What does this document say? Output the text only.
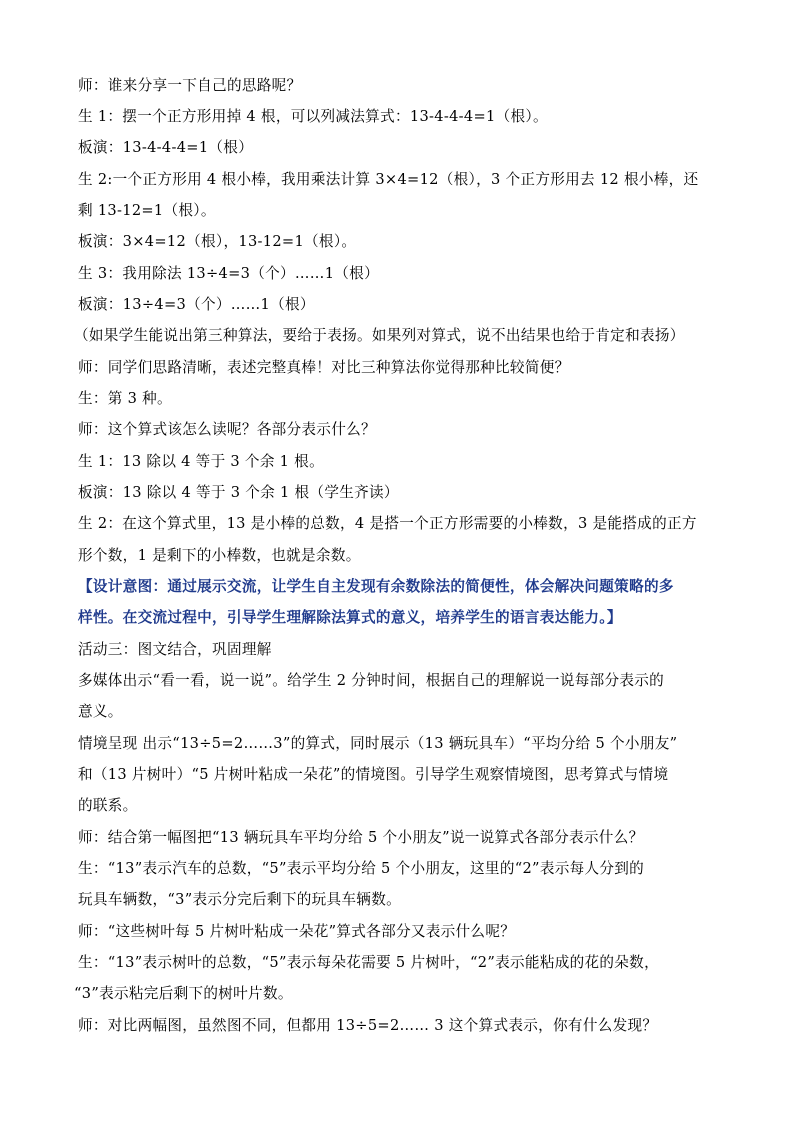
师：谁来分享一下自己的思路呢？
生 1：摆一个正方形用掉 4 根，可以列减法算式：13-4-4-4=1（根）。
板演：13-4-4-4=1（根）
生 2:一个正方形用 4 根小棒，我用乘法计算 3×4=12（根），3 个正方形用去 12 根小棒，还
剩 13-12=1（根）。
板演：3×4=12（根），13-12=1（根）。
生 3：我用除法 13÷4=3（个）……1（根）
板演：13÷4=3（个）……1（根）
（如果学生能说出第三种算法，要给于表扬。如果列对算式，说不出结果也给于肯定和表扬）
师：同学们思路清晰，表述完整真棒！对比三种算法你觉得那种比较简便？
生：第 3 种。
师：这个算式该怎么读呢？各部分表示什么？
生 1：13 除以 4 等于 3 个余 1 根。
板演：13 除以 4 等于 3 个余 1 根（学生齐读）
生 2：在这个算式里，13 是小棒的总数，4 是搭一个正方形需要的小棒数，3 是能搭成的正方
形个数，1 是剩下的小棒数，也就是余数。
【设计意图：通过展示交流，让学生自主发现有余数除法的简便性，体会解决问题策略的多
样性。在交流过程中，引导学生理解除法算式的意义，培养学生的语言表达能力。】
活动三：图文结合，巩固理解
多媒体出示“看一看，说一说”。给学生 2 分钟时间，根据自己的理解说一说每部分表示的
意义。
情境呈现 出示“13÷5=2……3”的算式，同时展示（13 辆玩具车）“平均分给 5 个小朋友”
和（13 片树叶）“5 片树叶粘成一朵花”的情境图。引导学生观察情境图，思考算式与情境
的联系。
师：结合第一幅图把“13 辆玩具车平均分给 5 个小朋友”说一说算式各部分表示什么？
生：“13”表示汽车的总数，“5”表示平均分给 5 个小朋友，这里的“2”表示每人分到的
玩具车辆数，“3”表示分完后剩下的玩具车辆数。
师：“这些树叶每 5 片树叶粘成一朵花”算式各部分又表示什么呢？
生：“13”表示树叶的总数，“5”表示每朵花需要 5 片树叶，“2”表示能粘成的花的朵数，
“3”表示粘完后剩下的树叶片数。
师：对比两幅图，虽然图不同，但都用 13÷5=2…… 3 这个算式表示，你有什么发现？
